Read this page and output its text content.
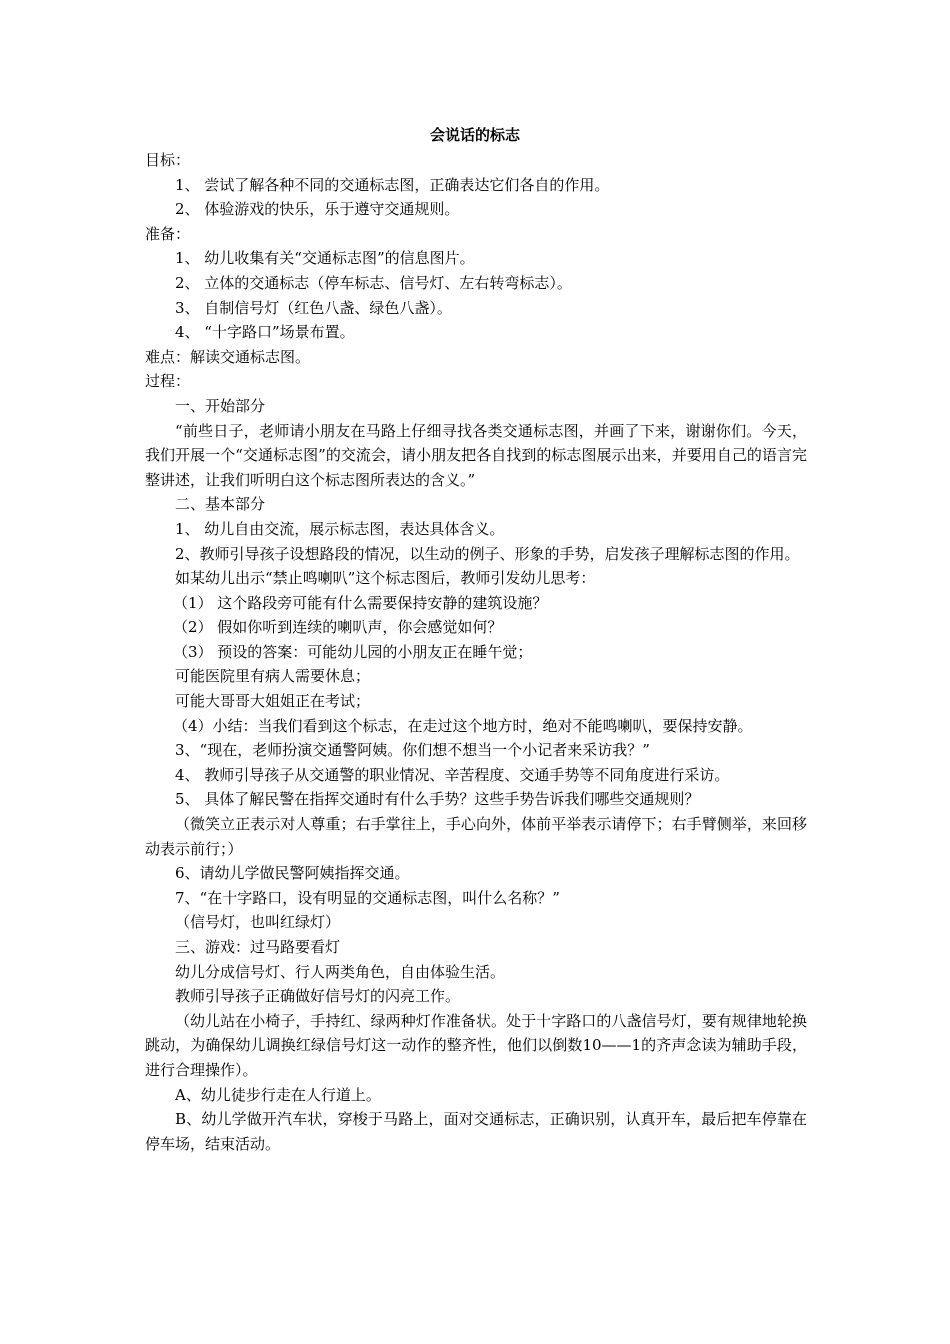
会说话的标志

目标：

1、 尝试了解各种不同的交通标志图，正确表达它们各自的作用。

2、 体验游戏的快乐，乐于遵守交通规则。

准备：

1、 幼儿收集有关“交通标志图”的信息图片。

2、 立体的交通标志（停车标志、信号灯、左右转弯标志）。

3、 自制信号灯（红色八盏、绿色八盏）。

4、 “十字路口”场景布置。

难点：解读交通标志图。

过程：

一、开始部分

“前些日子，老师请小朋友在马路上仔细寻找各类交通标志图，并画了下来，谢谢你们。今天，我们开展一个“交通标志图”的交流会，请小朋友把各自找到的标志图展示出来，并要用自己的语言完整讲述，让我们听明白这个标志图所表达的含义。”

二、基本部分

1、 幼儿自由交流，展示标志图，表达具体含义。

2、教师引导孩子设想路段的情况，以生动的例子、形象的手势，启发孩子理解标志图的作用。

如某幼儿出示“禁止鸣喇叭”这个标志图后，教师引发幼儿思考：

（1） 这个路段旁可能有什么需要保持安静的建筑设施？

（2） 假如你听到连续的喇叭声，你会感觉如何？

（3） 预设的答案：可能幼儿园的小朋友正在睡午觉；

可能医院里有病人需要休息；

可能大哥哥大姐姐正在考试；

（4）小结：当我们看到这个标志，在走过这个地方时，绝对不能鸣喇叭，要保持安静。

3、“现在，老师扮演交通警阿姨。你们想不想当一个小记者来采访我？”

4、 教师引导孩子从交通警的职业情况、辛苦程度、交通手势等不同角度进行采访。

5、 具体了解民警在指挥交通时有什么手势？这些手势告诉我们哪些交通规则？

（微笑立正表示对人尊重；右手掌往上，手心向外，体前平举表示请停下；右手臂侧举，来回移动表示前行；）

6、请幼儿学做民警阿姨指挥交通。

7、“在十字路口，设有明显的交通标志图，叫什么名称？”

（信号灯，也叫红绿灯）

三、游戏：过马路要看灯

幼儿分成信号灯、行人两类角色，自由体验生活。

教师引导孩子正确做好信号灯的闪亮工作。

（幼儿站在小椅子，手持红、绿两种灯作准备状。处于十字路口的八盏信号灯，要有规律地轮换跳动，为确保幼儿调换红绿信号灯这一动作的整齐性，他们以倒数10——1的齐声念读为辅助手段，进行合理操作）。

A、幼儿徒步行走在人行道上。

B、幼儿学做开汽车状，穿梭于马路上，面对交通标志，正确识别，认真开车，最后把车停靠在停车场，结束活动。
